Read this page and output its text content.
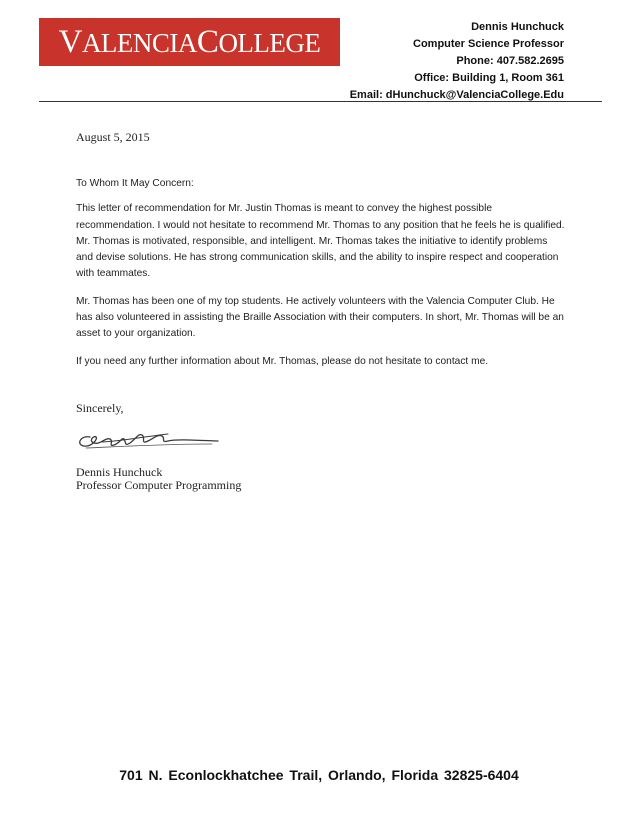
VALENCIACOLLEGE
Dennis Hunchuck
Computer Science Professor
Phone: 407.582.2695
Office: Building 1, Room 361
Email: dHunchuck@ValenciaCollege.Edu
August 5, 2015

To Whom It May Concern:

This letter of recommendation for Mr. Justin Thomas is meant to convey the highest possible recommendation. I would not hesitate to recommend Mr. Thomas to any position that he feels he is qualified. Mr. Thomas is motivated, responsible, and intelligent. Mr. Thomas takes the initiative to identify problems and devise solutions. He has strong communication skills, and the ability to inspire respect and cooperation with teammates.

Mr. Thomas has been one of my top students. He actively volunteers with the Valencia Computer Club. He has also volunteered in assisting the Braille Association with their computers. In short, Mr. Thomas will be an asset to your organization.

If you need any further information about Mr. Thomas, please do not hesitate to contact me.

Sincerely,
Dennis Hunchuck
Professor Computer Programming
701 N. Econlockhatchee Trail, Orlando, Florida 32825-6404
